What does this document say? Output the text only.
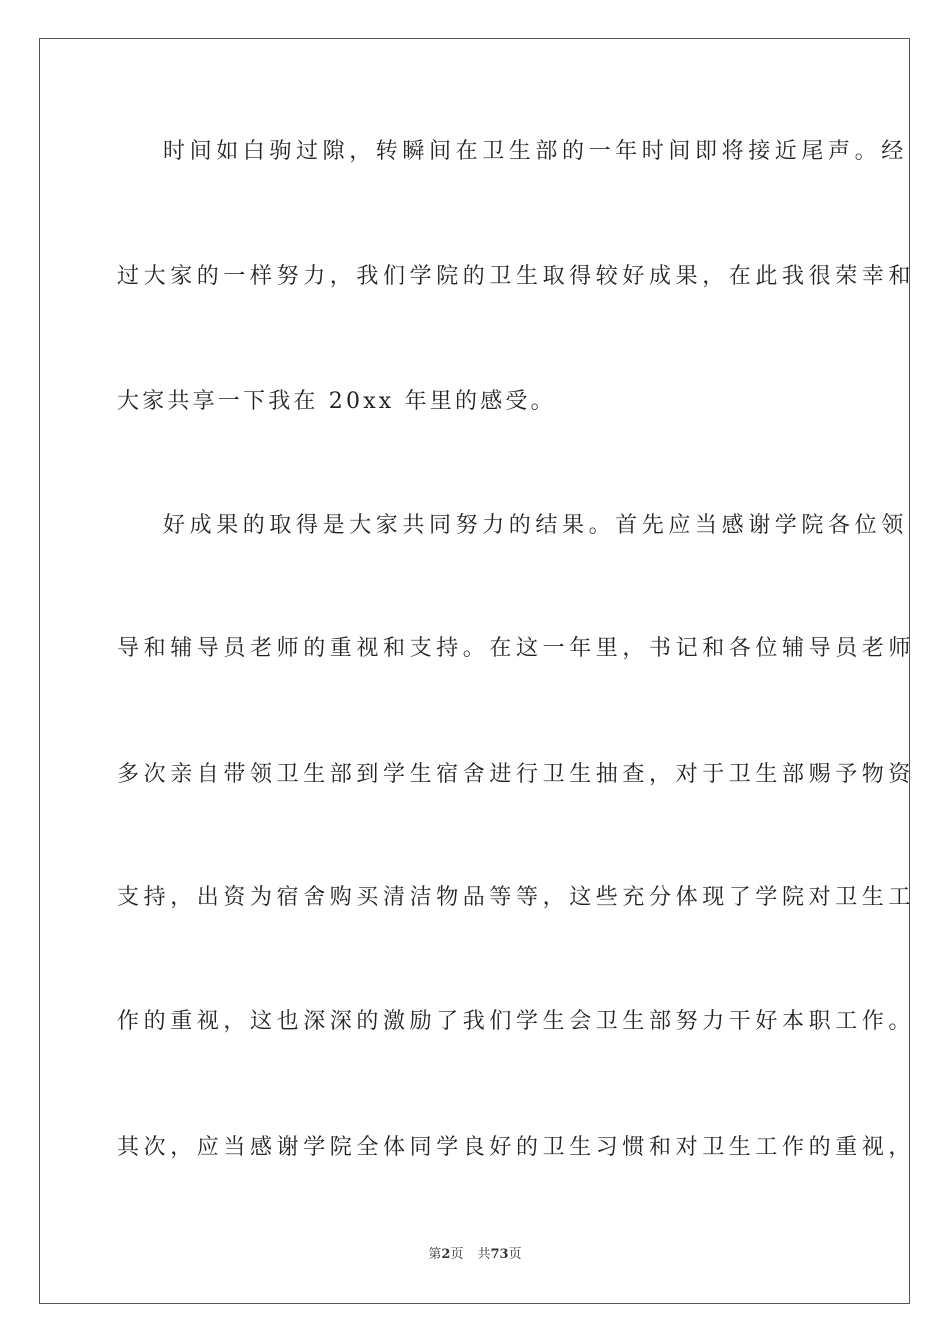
时间如白驹过隙，转瞬间在卫生部的一年时间即将接近尾声。经
过大家的一样努力，我们学院的卫生取得较好成果，在此我很荣幸和
大家共享一下我在 20xx 年里的感受。
好成果的取得是大家共同努力的结果。首先应当感谢学院各位领
导和辅导员老师的重视和支持。在这一年里，书记和各位辅导员老师
多次亲自带领卫生部到学生宿舍进行卫生抽查，对于卫生部赐予物资
支持，出资为宿舍购买清洁物品等等，这些充分体现了学院对卫生工
作的重视，这也深深的激励了我们学生会卫生部努力干好本职工作。
其次，应当感谢学院全体同学良好的卫生习惯和对卫生工作的重视，
第2页 共73页
